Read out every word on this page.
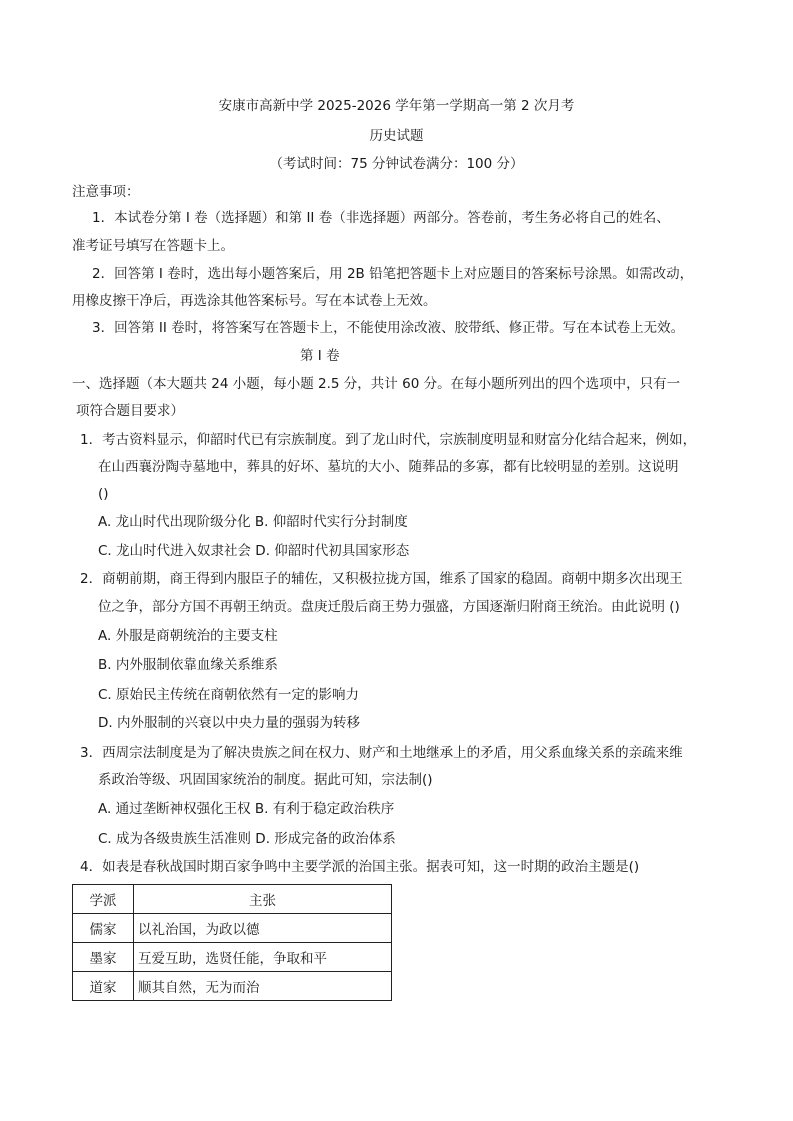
安康市高新中学 2025-2026 学年第一学期高一第 2 次月考
历史试题
（考试时间：75 分钟试卷满分：100 分）
注意事项：
1．本试卷分第 I 卷（选择题）和第 II 卷（非选择题）两部分。答卷前，考生务必将自己的姓名、
准考证号填写在答题卡上。
2．回答第 I 卷时，选出每小题答案后，用 2B 铅笔把答题卡上对应题目的答案标号涂黑。如需改动，
用橡皮擦干净后，再选涂其他答案标号。写在本试卷上无效。
3．回答第 II 卷时，将答案写在答题卡上，不能使用涂改液、胶带纸、修正带。写在本试卷上无效。
第 I 卷
一、选择题（本大题共 24 小题，每小题 2.5 分，共计 60 分。在每小题所列出的四个选项中，只有一
项符合题目要求）
1．考古资料显示，仰韶时代已有宗族制度。到了龙山时代，宗族制度明显和财富分化结合起来，例如，
在山西襄汾陶寺墓地中，葬具的好坏、墓坑的大小、随葬品的多寡，都有比较明显的差别。这说明
()
A. 龙山时代出现阶级分化 B. 仰韶时代实行分封制度
C. 龙山时代进入奴隶社会 D. 仰韶时代初具国家形态
2．商朝前期，商王得到内服臣子的辅佐，又积极拉拢方国，维系了国家的稳固。商朝中期多次出现王
位之争，部分方国不再朝王纳贡。盘庚迁殷后商王势力强盛，方国逐渐归附商王统治。由此说明 ()
A. 外服是商朝统治的主要支柱
B. 内外服制依靠血缘关系维系
C. 原始民主传统在商朝依然有一定的影响力
D. 内外服制的兴衰以中央力量的强弱为转移
3．西周宗法制度是为了解决贵族之间在权力、财产和土地继承上的矛盾，用父系血缘关系的亲疏来维
系政治等级、巩固国家统治的制度。据此可知，宗法制()
A. 通过垄断神权强化王权 B. 有利于稳定政治秩序
C. 成为各级贵族生活准则 D. 形成完备的政治体系
4．如表是春秋战国时期百家争鸣中主要学派的治国主张。据表可知，这一时期的政治主题是()
学派	主张
儒家	以礼治国，为政以德
墨家	互爱互助，选贤任能，争取和平
道家	顺其自然，无为而治
